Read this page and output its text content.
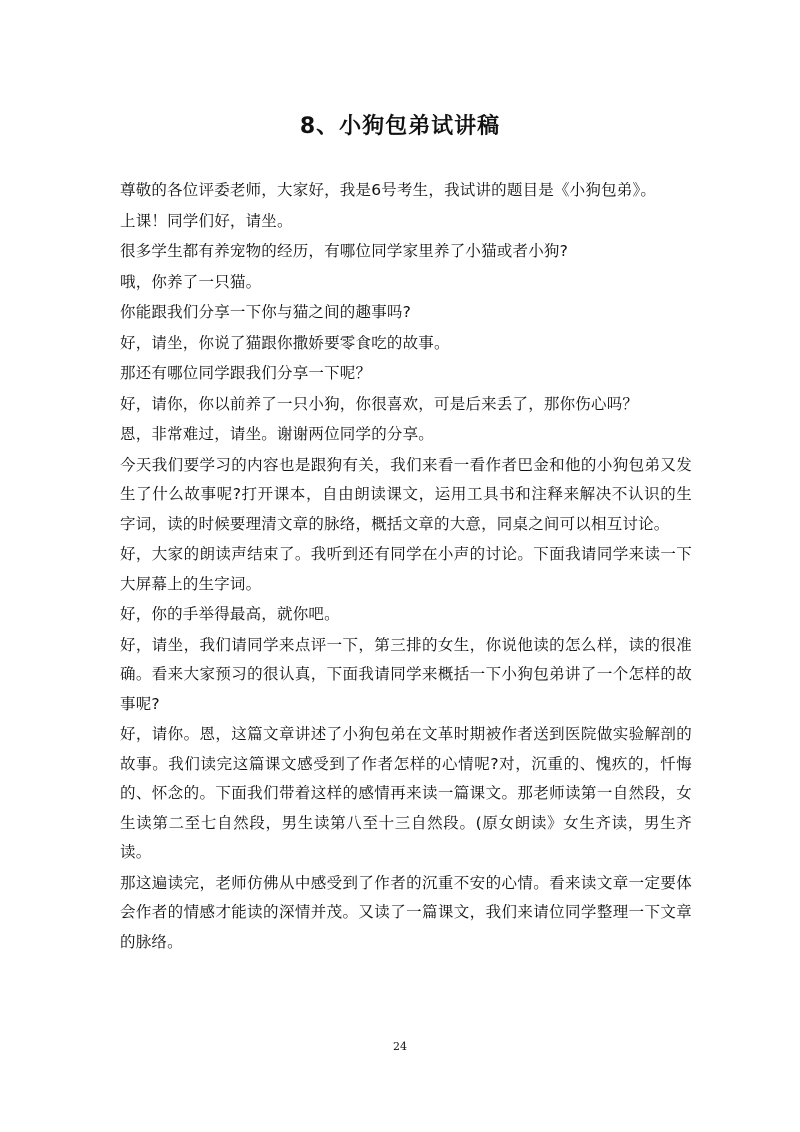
8、小狗包弟试讲稿

尊敬的各位评委老师，大家好，我是6号考生，我试讲的题目是《小狗包弟》。

上课！同学们好，请坐。

很多学生都有养宠物的经历，有哪位同学家里养了小猫或者小狗?

哦，你养了一只猫。

你能跟我们分享一下你与猫之间的趣事吗?

好，请坐，你说了猫跟你撒娇要零食吃的故事。

那还有哪位同学跟我们分享一下呢？

好，请你，你以前养了一只小狗，你很喜欢，可是后来丢了，那你伤心吗？

恩，非常难过，请坐。谢谢两位同学的分享。

今天我们要学习的内容也是跟狗有关，我们来看一看作者巴金和他的小狗包弟又发生了什么故事呢?打开课本，自由朗读课文，运用工具书和注释来解决不认识的生字词，读的时候要理清文章的脉络，概括文章的大意，同桌之间可以相互讨论。

好，大家的朗读声结束了。我听到还有同学在小声的讨论。下面我请同学来读一下大屏幕上的生字词。

好，你的手举得最高，就你吧。

好，请坐，我们请同学来点评一下，第三排的女生，你说他读的怎么样，读的很准确。看来大家预习的很认真，下面我请同学来概括一下小狗包弟讲了一个怎样的故事呢?

好，请你。恩，这篇文章讲述了小狗包弟在文革时期被作者送到医院做实验解剖的故事。我们读完这篇课文感受到了作者怎样的心情呢?对，沉重的、愧疚的，忏悔的、怀念的。下面我们带着这样的感情再来读一篇课文。那老师读第一自然段，女生读第二至七自然段，男生读第八至十三自然段。(原女朗读》女生齐读，男生齐读。

那这遍读完，老师仿佛从中感受到了作者的沉重不安的心情。看来读文章一定要体会作者的情感才能读的深情并茂。又读了一篇课文，我们来请位同学整理一下文章的脉络。

24
